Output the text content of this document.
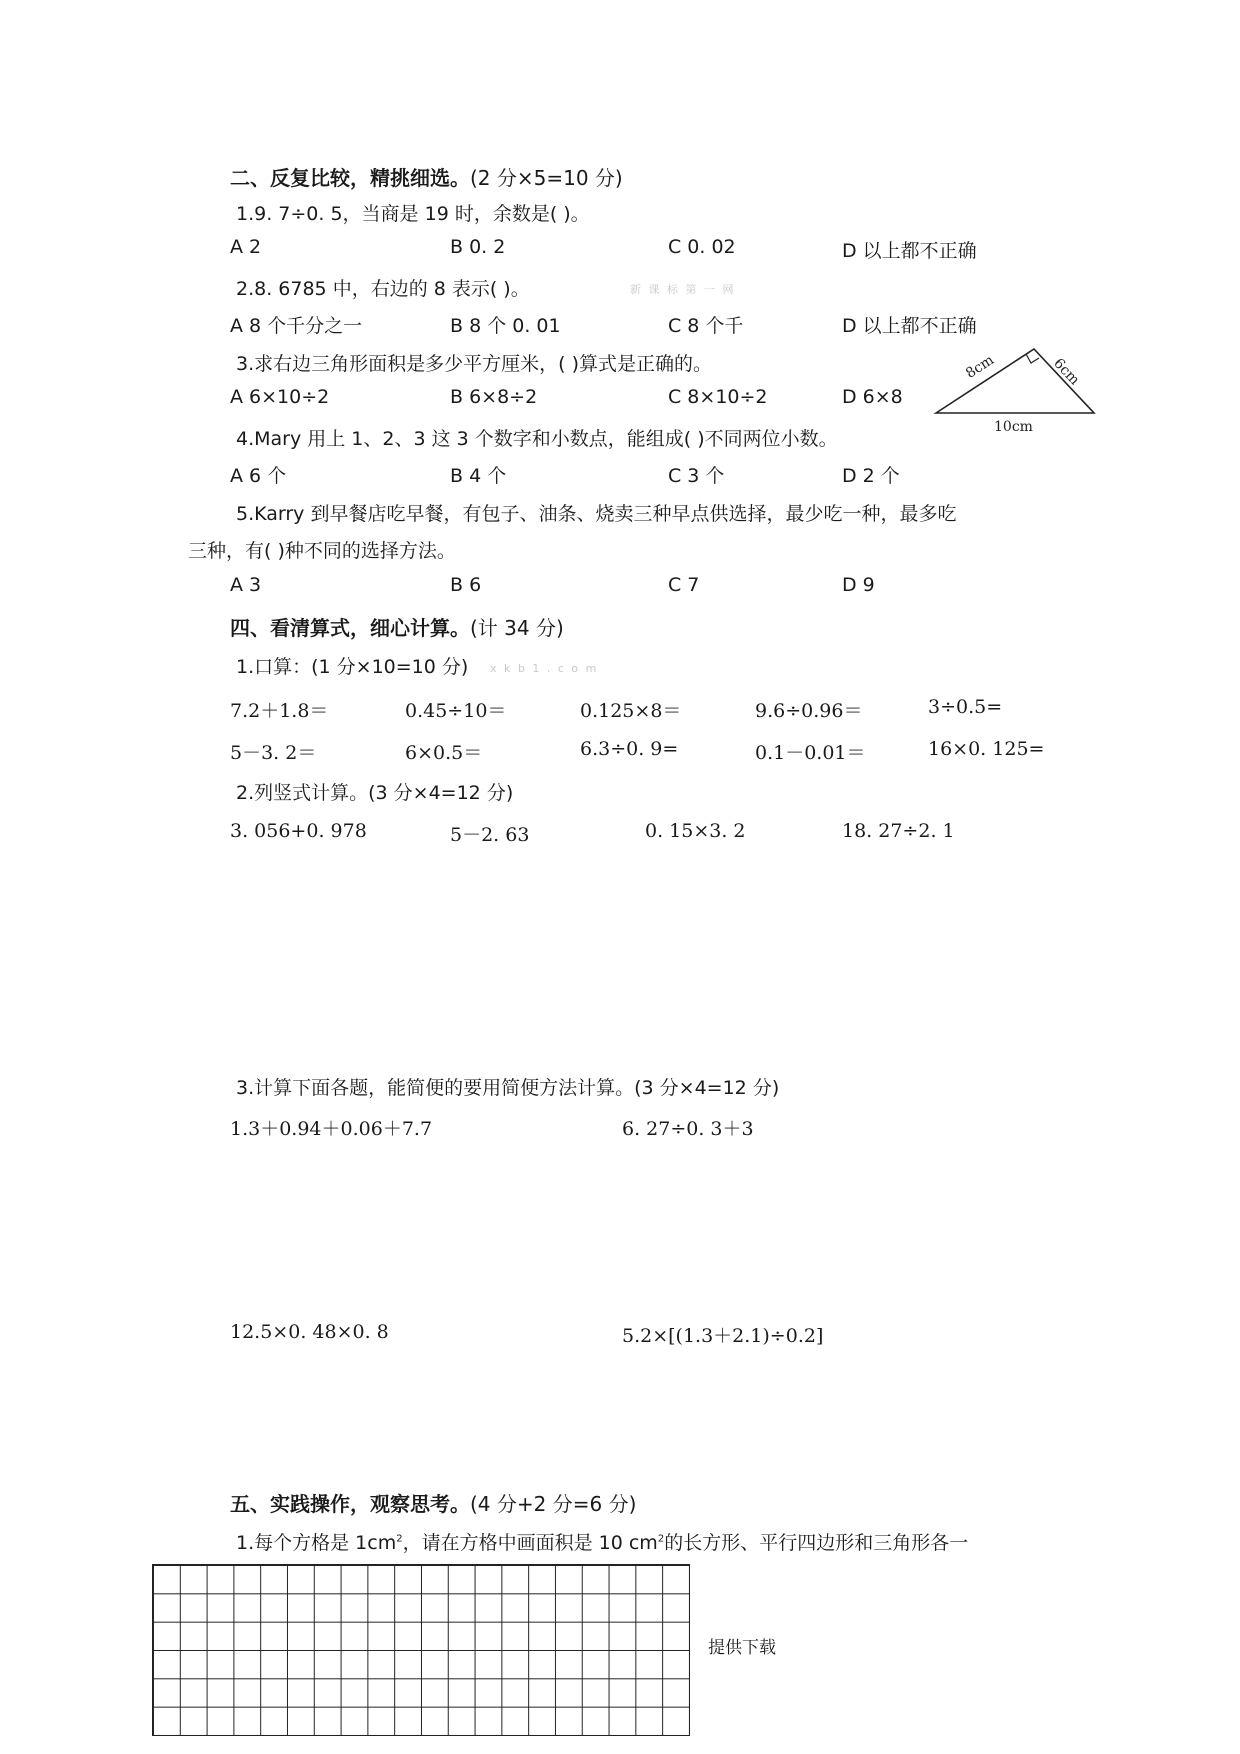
二、反复比较，精挑细选。(2 分×5=10 分)
1.9. 7÷0. 5，当商是 19 时，余数是( )。
A 2	B 0. 2	C 0. 02	D 以上都不正确
2.8. 6785 中，右边的 8 表示( )。	新 课 标 第 一 网
A 8 个千分之一	B 8 个 0. 01	C 8 个千	D 以上都不正确
3.求右边三角形面积是多少平方厘米，( )算式是正确的。
A 6×10÷2	B 6×8÷2	C 8×10÷2	D 6×8
8cm	6cm
10cm
4.Mary 用上 1、2、3 这 3 个数字和小数点，能组成( )不同两位小数。
A 6 个	B 4 个	C 3 个	D 2 个
5.Karry 到早餐店吃早餐，有包子、油条、烧卖三种早点供选择，最少吃一种，最多吃
三种，有( )种不同的选择方法。
A 3	B 6	C 7	D 9
四、看清算式，细心计算。(计 34 分)
1.口算：(1 分×10=10 分) x k b 1 . c o m
7.2＋1.8＝	0.45÷10＝	0.125×8＝	9.6÷0.96＝	3÷0.5=
5－3. 2＝	6×0.5＝	6.3÷0. 9=	0.1－0.01＝	16×0. 125=
2.列竖式计算。(3 分×4=12 分)
3. 056+0. 978	5－2. 63	0. 15×3. 2	18. 27÷2. 1
3.计算下面各题，能简便的要用简便方法计算。(3 分×4=12 分)
1.3＋0.94＋0.06＋7.7	6. 27÷0. 3＋3
12.5×0. 48×0. 8	5.2×[(1.3＋2.1)÷0.2]
五、实践操作，观察思考。(4 分+2 分=6 分)
1.每个方格是 $1cm^2$，请在方格中画面积是 10 $cm^2$的长方形、平行四边形和三角形各一
提供下载
